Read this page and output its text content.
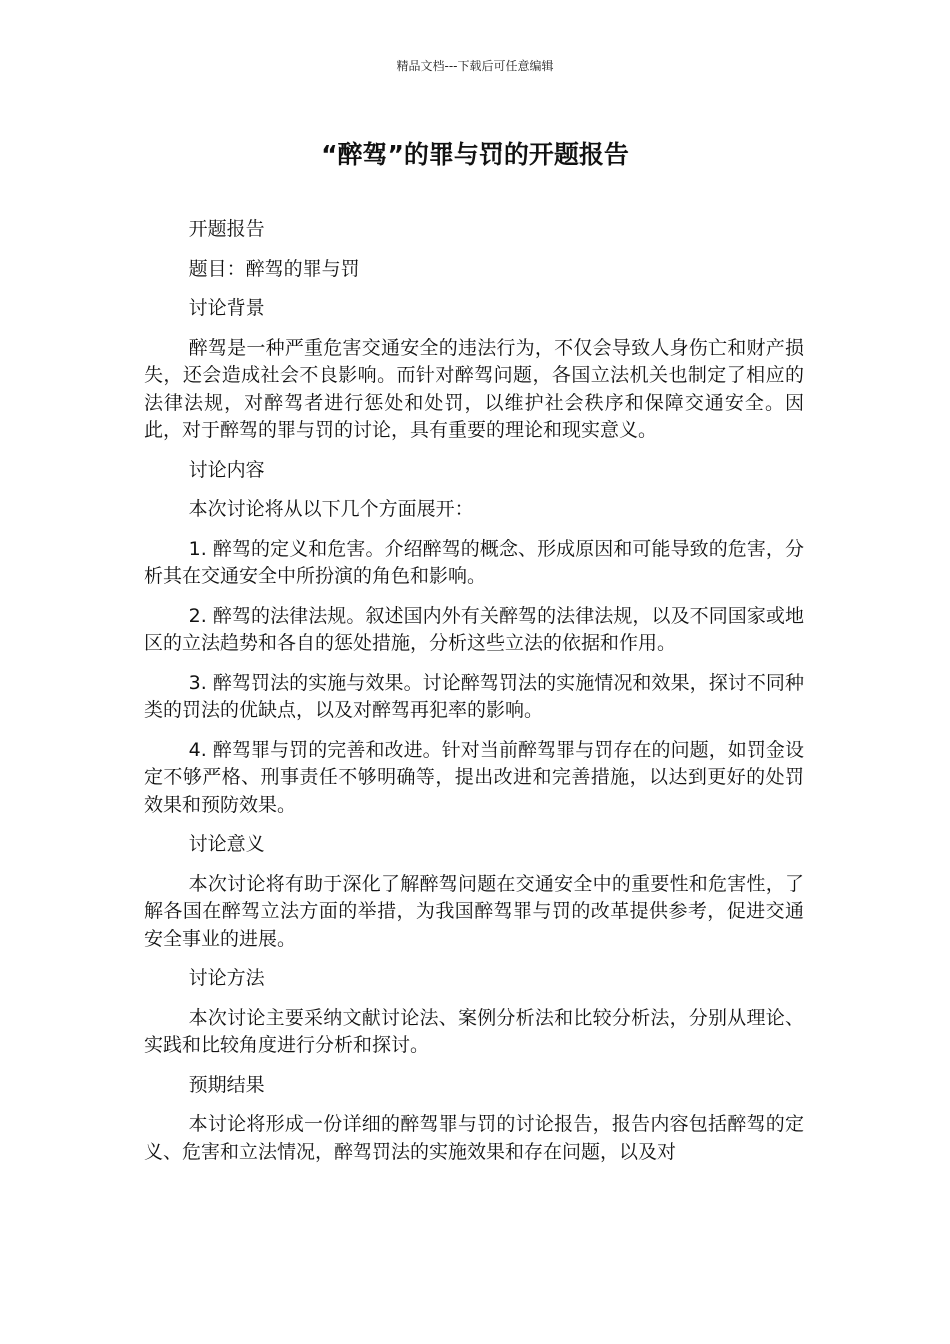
精品文档---下载后可任意编辑
“醉驾”的罪与罚的开题报告

开题报告

题目：醉驾的罪与罚

讨论背景

醉驾是一种严重危害交通安全的违法行为，不仅会导致人身伤亡和财产损失，还会造成社会不良影响。而针对醉驾问题，各国立法机关也制定了相应的法律法规，对醉驾者进行惩处和处罚，以维护社会秩序和保障交通安全。因此，对于醉驾的罪与罚的讨论，具有重要的理论和现实意义。

讨论内容

本次讨论将从以下几个方面展开：

1. 醉驾的定义和危害。介绍醉驾的概念、形成原因和可能导致的危害，分析其在交通安全中所扮演的角色和影响。

2. 醉驾的法律法规。叙述国内外有关醉驾的法律法规，以及不同国家或地区的立法趋势和各自的惩处措施，分析这些立法的依据和作用。

3. 醉驾罚法的实施与效果。讨论醉驾罚法的实施情况和效果，探讨不同种类的罚法的优缺点，以及对醉驾再犯率的影响。

4. 醉驾罪与罚的完善和改进。针对当前醉驾罪与罚存在的问题，如罚金设定不够严格、刑事责任不够明确等，提出改进和完善措施，以达到更好的处罚效果和预防效果。

讨论意义

本次讨论将有助于深化了解醉驾问题在交通安全中的重要性和危害性，了解各国在醉驾立法方面的举措，为我国醉驾罪与罚的改革提供参考，促进交通安全事业的进展。

讨论方法

本次讨论主要采纳文献讨论法、案例分析法和比较分析法，分别从理论、实践和比较角度进行分析和探讨。

预期结果

本讨论将形成一份详细的醉驾罪与罚的讨论报告，报告内容包括醉驾的定义、危害和立法情况，醉驾罚法的实施效果和存在问题，以及对
